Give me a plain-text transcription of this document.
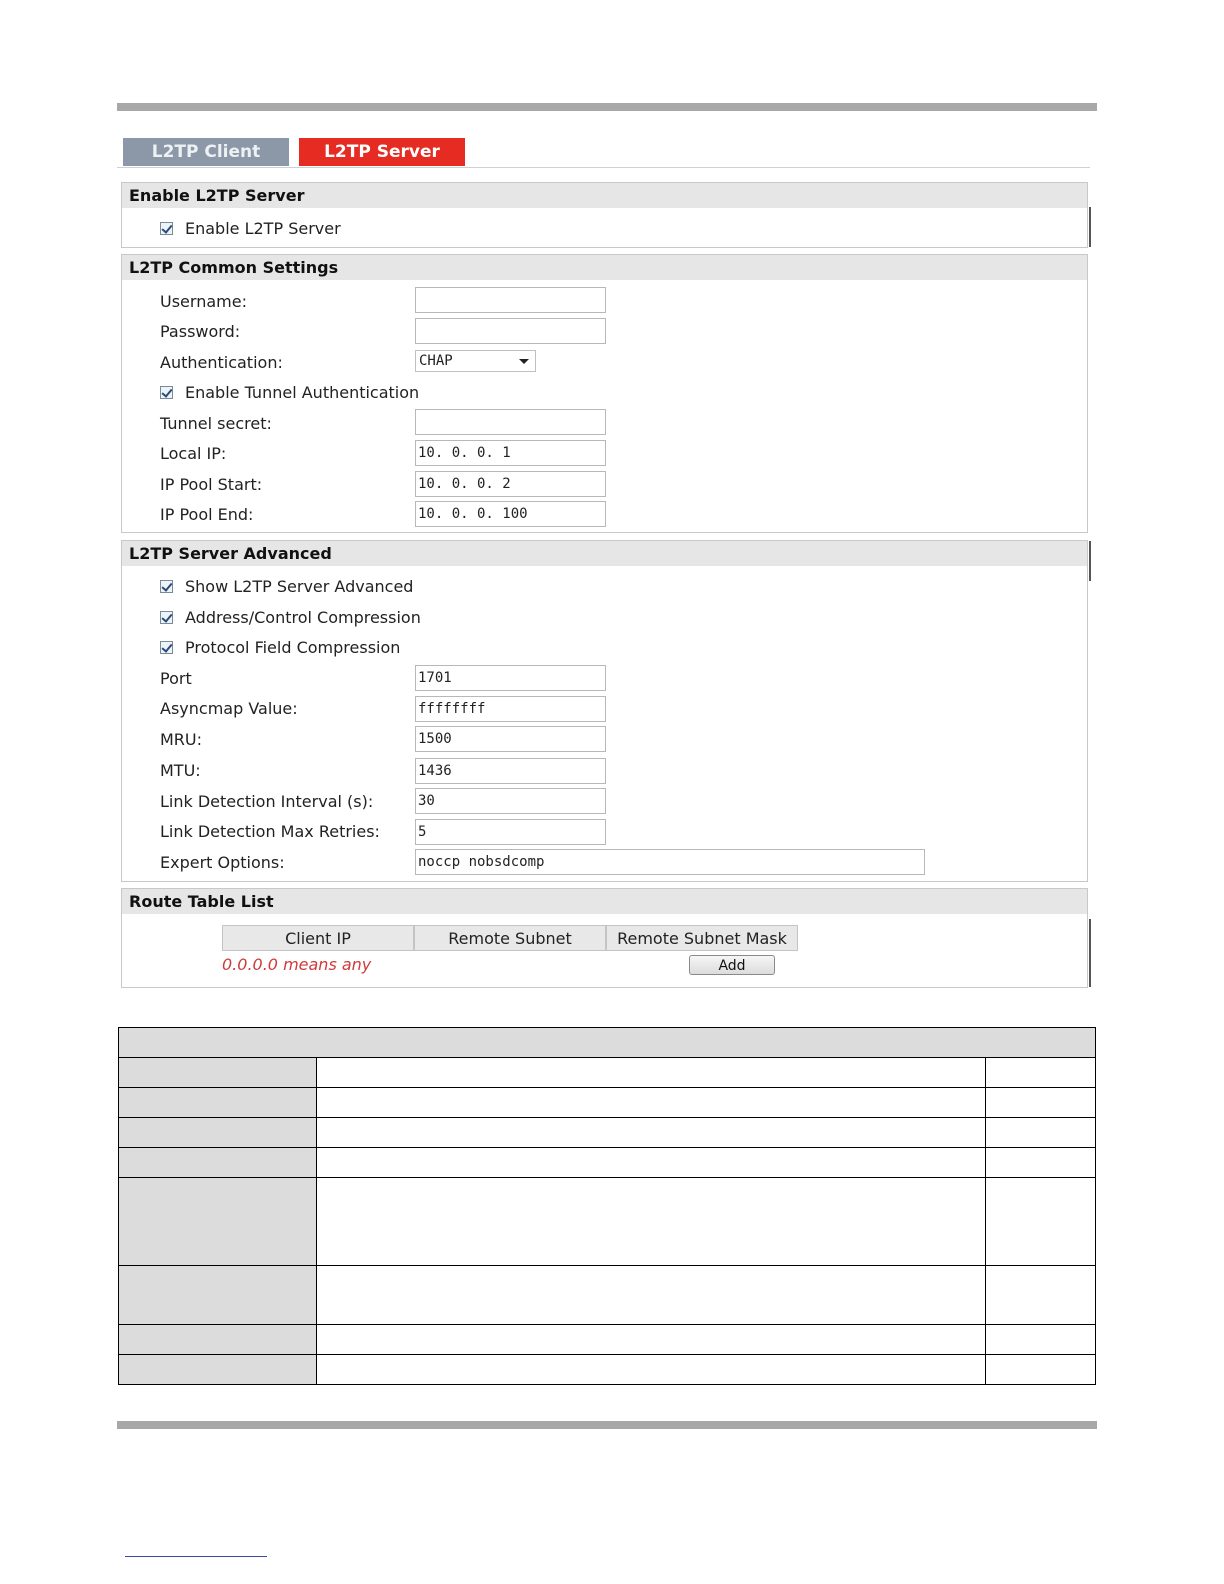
L2TP Client	L2TP Server
Enable L2TP Server
Enable L2TP Server
L2TP Common Settings
Username:
Password:
Authentication:	CHAP
Enable Tunnel Authentication
Tunnel secret:
Local IP:	10. 0. 0. 1
IP Pool Start:	10. 0. 0. 2
IP Pool End:	10. 0. 0. 100
L2TP Server Advanced
Show L2TP Server Advanced
Address/Control Compression
Protocol Field Compression
Port	1701
Asyncmap Value:	ffffffff
MRU:	1500
MTU:	1436
Link Detection Interval (s):	30
Link Detection Max Retries:	5
Expert Options:	noccp nobsdcomp
Route Table List
Client IP	Remote Subnet	Remote Subnet Mask
0.0.0.0 means any	Add
